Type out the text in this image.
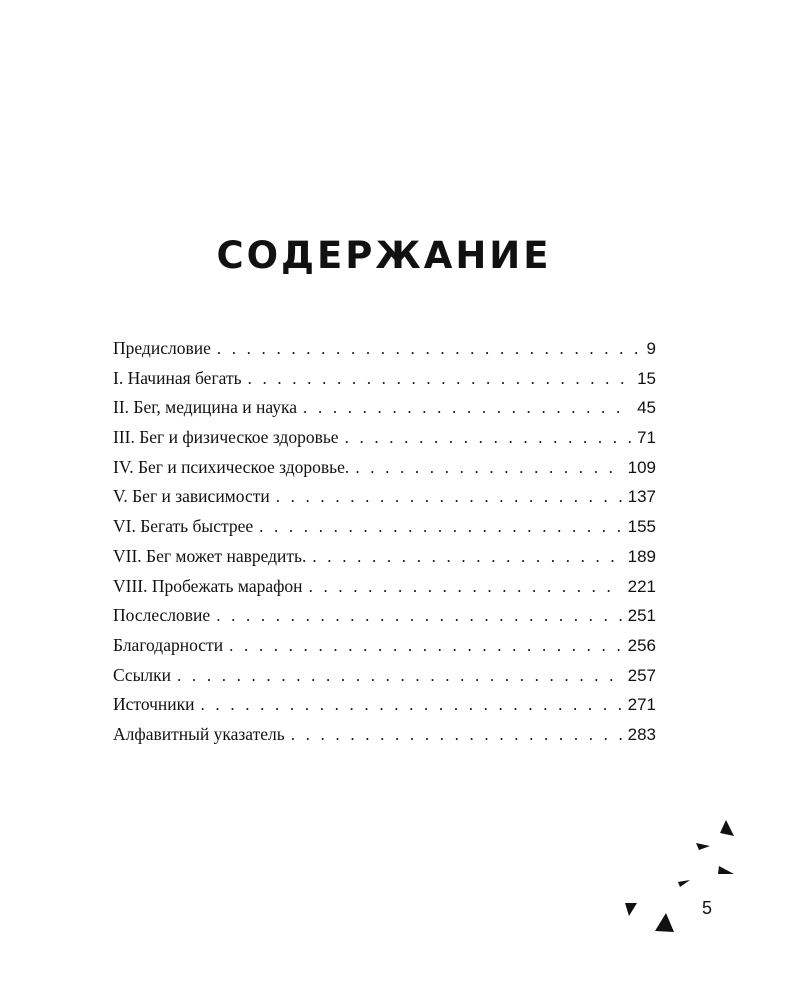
СОДЕРЖАНИЕ
Предисловие . . .	9
I. Начиная бегать . . .	15
II. Бег, медицина и наука . . .	45
III. Бег и физическое здоровье . . .	71
IV. Бег и психическое здоровье. . . .	109
V. Бег и зависимости . . .	137
VI. Бегать быстрее . . .	155
VII. Бег может навредить. . . .	189
VIII. Пробежать марафон . . .	221
Послесловие . . .	251
Благодарности . . .	256
Ссылки . . .	257
Источники . . .	271
Алфавитный указатель . . .	283
5
